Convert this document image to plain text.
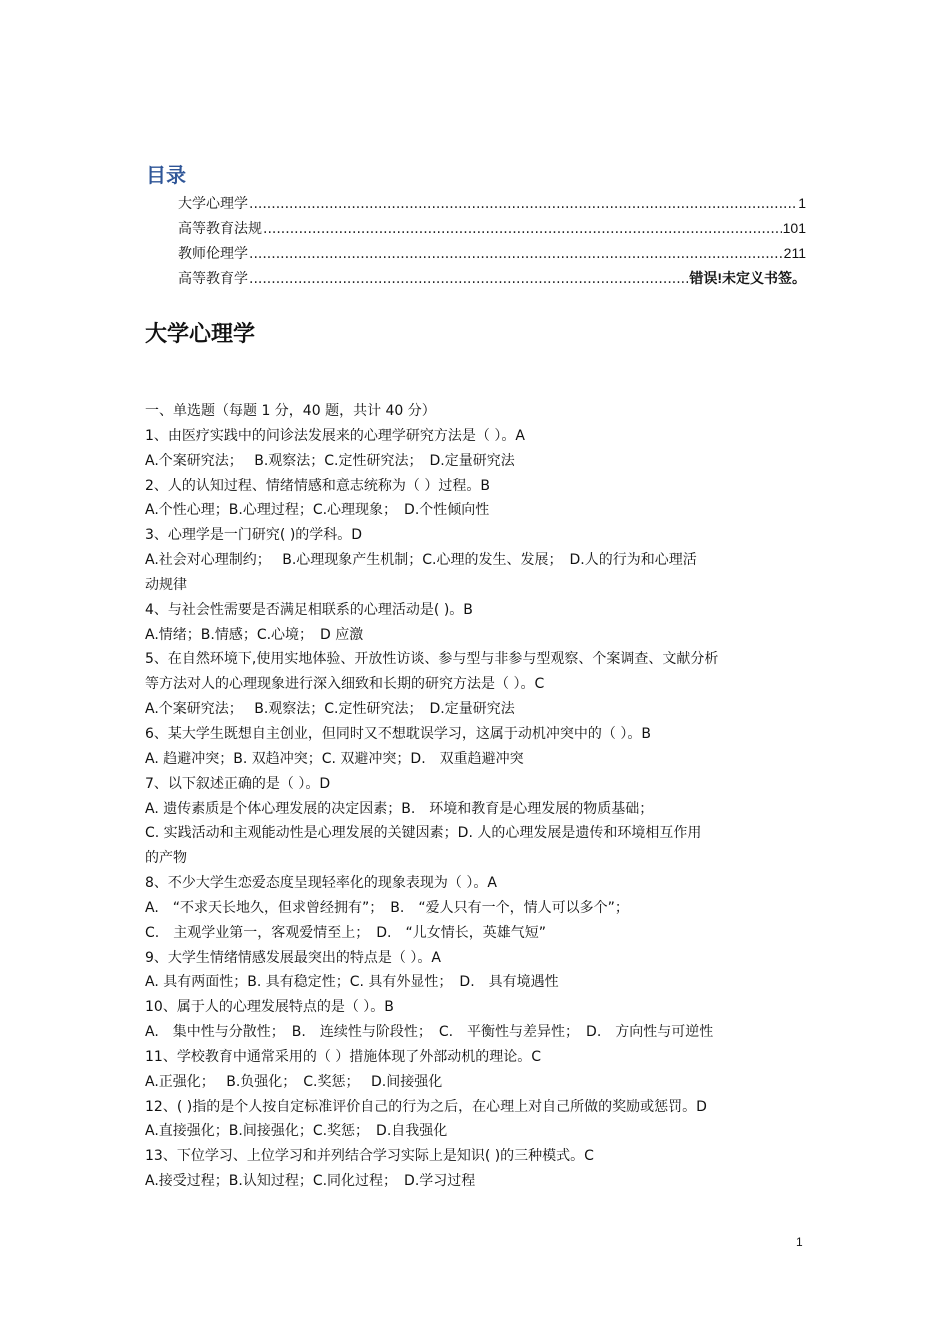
目录
大学心理学 .....	1
高等教育法规 .....	101
教师伦理学 .....	211
高等教育学 .....	错误!未定义书签。
大学心理学
一、单选题（每题 1 分，40 题，共计 40 分）
1、由医疗实践中的问诊法发展来的心理学研究方法是（ ）。A
A.个案研究法；　 B.观察法；C.定性研究法；　D.定量研究法
2、人的认知过程、情绪情感和意志统称为（ ）过程。B
A.个性心理；B.心理过程；C.心理现象；　D.个性倾向性
3、心理学是一门研究( )的学科。D
A.社会对心理制约；　 B.心理现象产生机制；C.心理的发生、发展；　D.人的行为和心理活
动规律
4、与社会性需要是否满足相联系的心理活动是( )。B
A.情绪；B.情感；C.心境；　D 应激
5、在自然环境下,使用实地体验、开放性访谈、参与型与非参与型观察、个案调查、文献分析
等方法对人的心理现象进行深入细致和长期的研究方法是（ ）。C
A.个案研究法；　 B.观察法；C.定性研究法；　D.定量研究法
6、某大学生既想自主创业，但同时又不想耽误学习，这属于动机冲突中的（ ）。B
A. 趋避冲突；B. 双趋冲突；C. 双避冲突；D.　双重趋避冲突
7、以下叙述正确的是（ ）。D
A. 遗传素质是个体心理发展的决定因素；B.　环境和教育是心理发展的物质基础；
C. 实践活动和主观能动性是心理发展的关键因素；D. 人的心理发展是遗传和环境相互作用
的产物
8、不少大学生恋爱态度呈现轻率化的现象表现为（ ）。A
A.　“不求天长地久，但求曾经拥有”；　B.　“爱人只有一个，情人可以多个”；
C.　主观学业第一，客观爱情至上；　D.　“儿女情长，英雄气短”
9、大学生情绪情感发展最突出的特点是（ ）。A
A. 具有两面性；B. 具有稳定性；C. 具有外显性；　D.　具有境遇性
10、属于人的心理发展特点的是（ ）。B
A.　集中性与分散性；　B.　连续性与阶段性；　C.　平衡性与差异性；　D.　方向性与可逆性
11、学校教育中通常采用的（ ）措施体现了外部动机的理论。C
A.正强化；　 B.负强化；　C.奖惩；　 D.间接强化
12、( )指的是个人按自定标准评价自己的行为之后，在心理上对自己所做的奖励或惩罚。D
A.直接强化；B.间接强化；C.奖惩；　D.自我强化
13、下位学习、上位学习和并列结合学习实际上是知识( )的三种模式。C
A.接受过程；B.认知过程；C.同化过程；　D.学习过程
1
